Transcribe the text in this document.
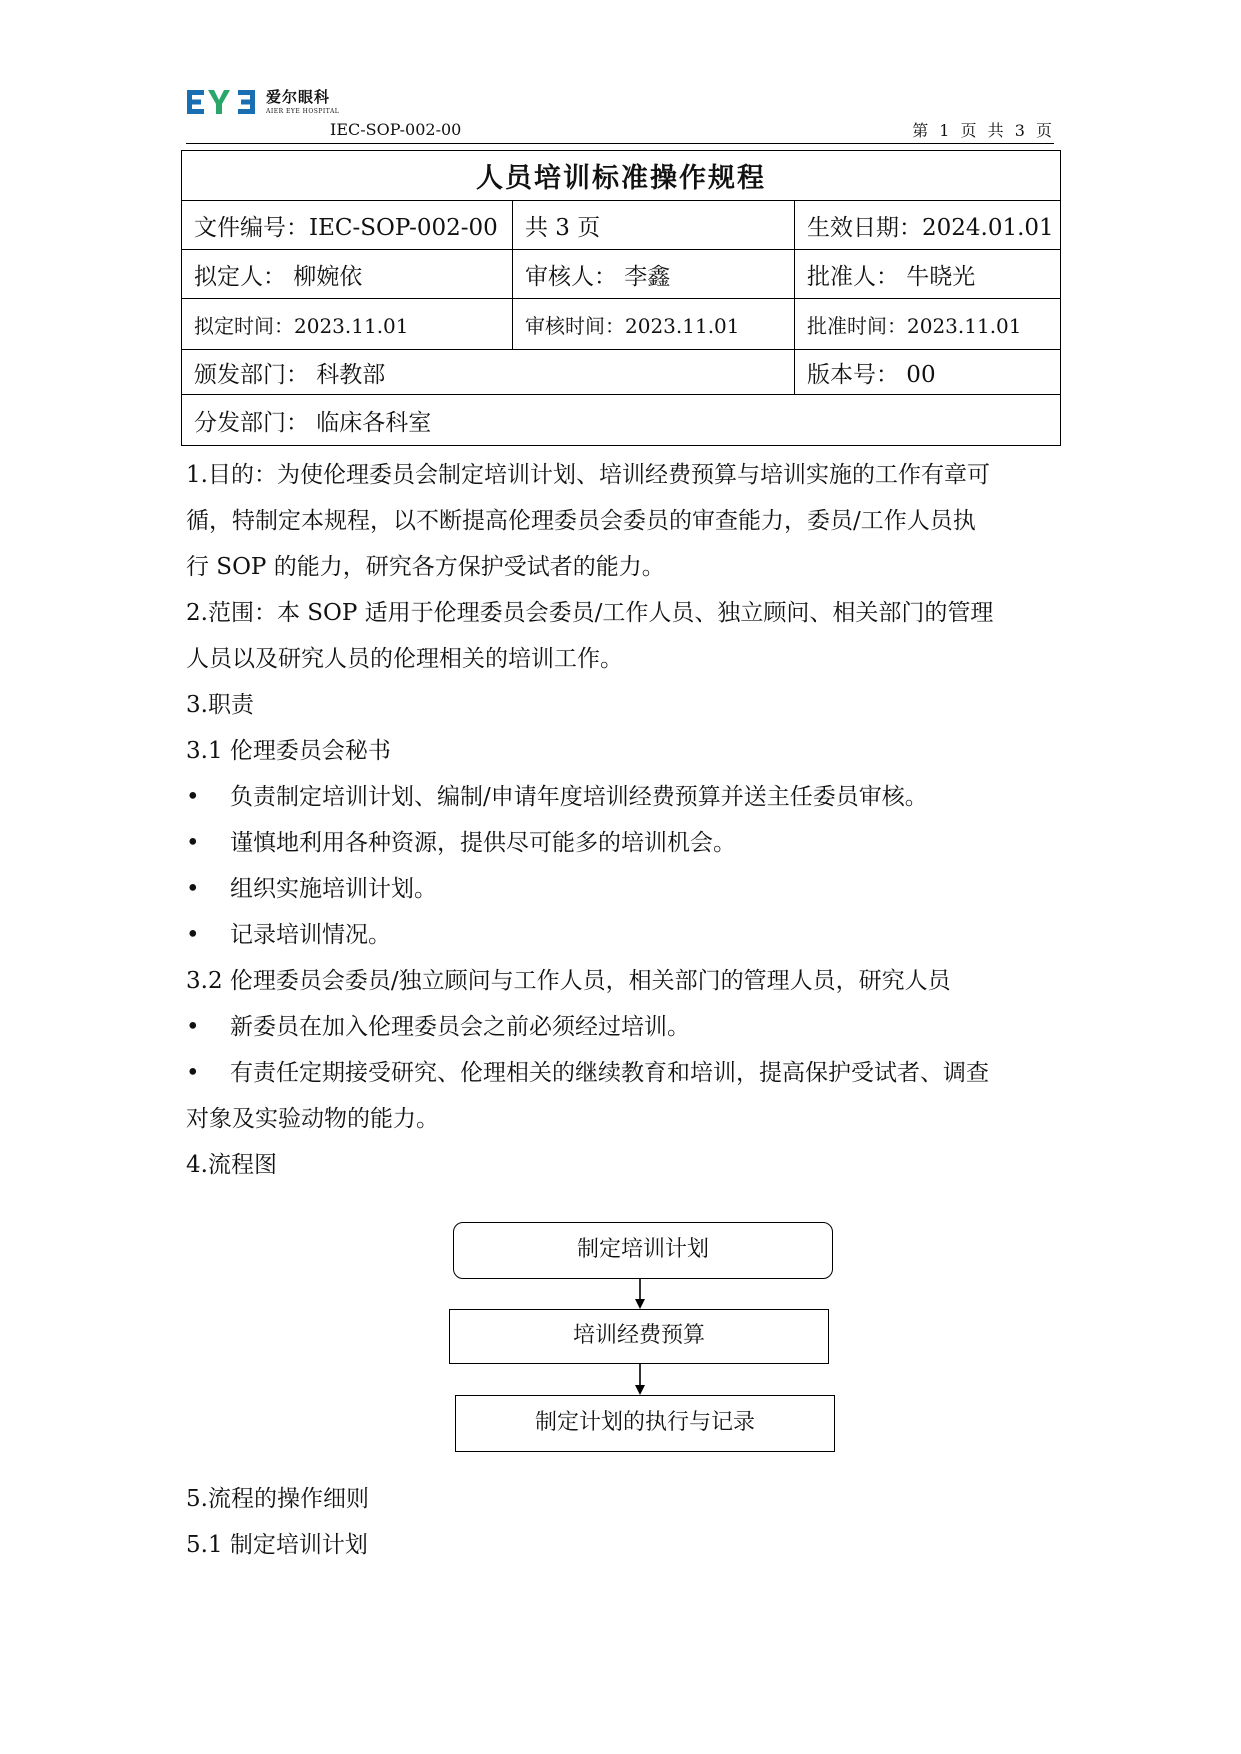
爱尔眼科
AIER EYE HOSPITAL
IEC-SOP-002-00	第 1 页 共 3 页
人员培训标准操作规程		
文件编号：IEC-SOP-002-00	共 3 页	生效日期：2024.01.01
拟定人： 柳婉依	审核人： 李鑫	批准人： 牛晓光
拟定时间：2023.11.01	审核时间：2023.11.01	批准时间：2023.11.01
颁发部门： 科教部		版本号： 00
分发部门： 临床各科室		

1.目的：为使伦理委员会制定培训计划、培训经费预算与培训实施的工作有章可

循，特制定本规程，以不断提高伦理委员会委员的审查能力，委员/工作人员执

行 SOP 的能力，研究各方保护受试者的能力。

2.范围：本 SOP 适用于伦理委员会委员/工作人员、独立顾问、相关部门的管理

人员以及研究人员的伦理相关的培训工作。

3.职责

3.1 伦理委员会秘书

•	负责制定培训计划、编制/申请年度培训经费预算并送主任委员审核。
•	谨慎地利用各种资源，提供尽可能多的培训机会。
•	组织实施培训计划。
•	记录培训情况。

3.2 伦理委员会委员/独立顾问与工作人员，相关部门的管理人员，研究人员

•	新委员在加入伦理委员会之前必须经过培训。
•	有责任定期接受研究、伦理相关的继续教育和培训，提高保护受试者、调查

对象及实验动物的能力。

4.流程图

制定培训计划
培训经费预算
制定计划的执行与记录

5.流程的操作细则

5.1 制定培训计划
